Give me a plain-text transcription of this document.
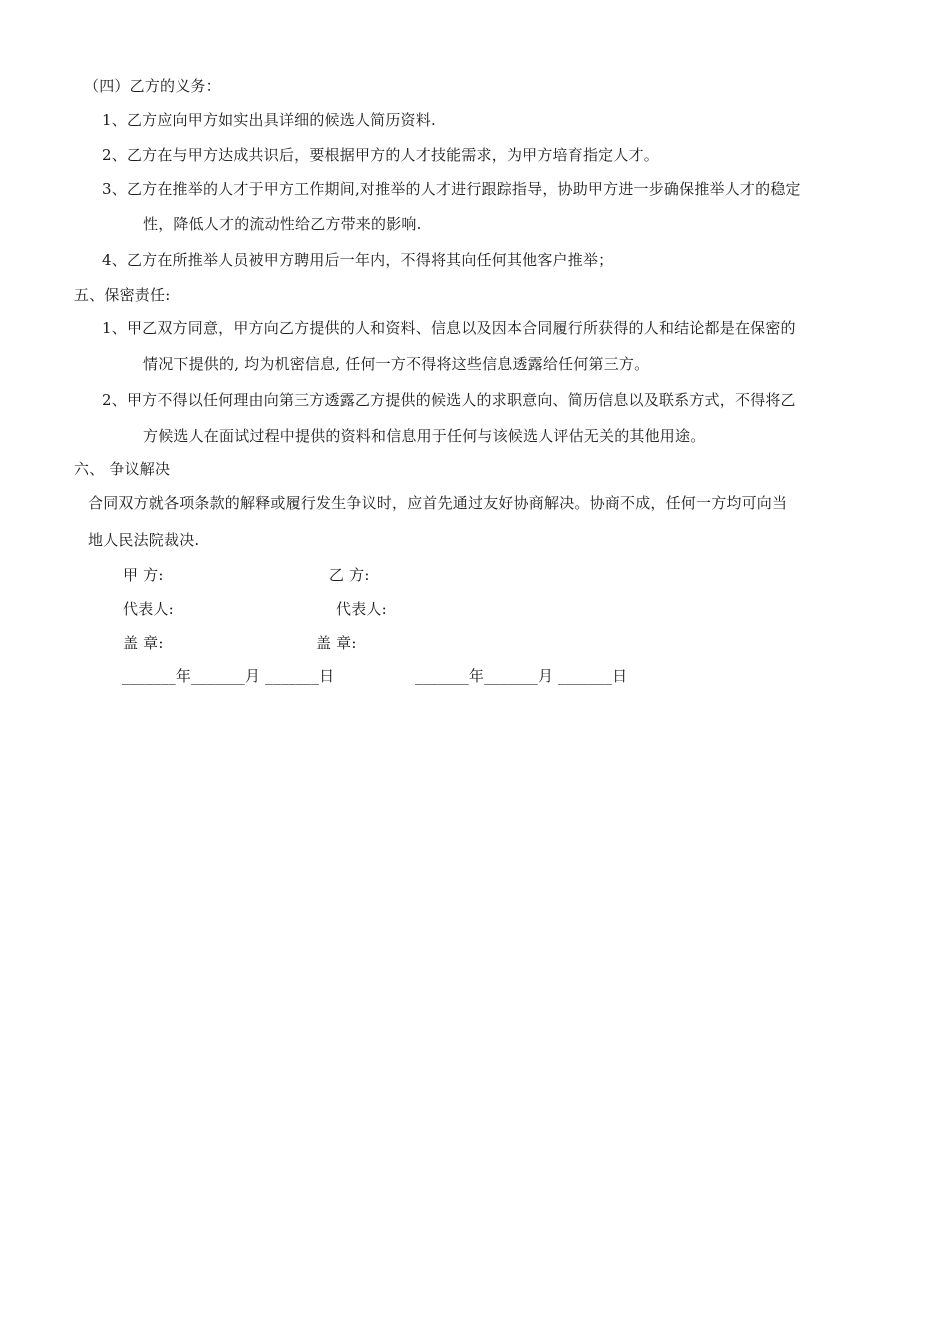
（四）乙方的义务：
1、乙方应向甲方如实出具详细的候选人简历资料.
2、乙方在与甲方达成共识后，要根据甲方的人才技能需求，为甲方培育指定人才。
3、乙方在推举的人才于甲方工作期间,对推举的人才进行跟踪指导，协助甲方进一步确保推举人才的稳定
性，降低人才的流动性给乙方带来的影响.
4、乙方在所推举人员被甲方聘用后一年内，不得将其向任何其他客户推举；
五、保密责任:
1、甲乙双方同意，甲方向乙方提供的人和资料、信息以及因本合同履行所获得的人和结论都是在保密的
情况下提供的, 均为机密信息, 任何一方不得将这些信息透露给任何第三方。
2、甲方不得以任何理由向第三方透露乙方提供的候选人的求职意向、简历信息以及联系方式，不得将乙
方候选人在面试过程中提供的资料和信息用于任何与该候选人评估无关的其他用途。
六、 争议解决
合同双方就各项条款的解释或履行发生争议时，应首先通过友好协商解决。协商不成，任何一方均可向当
地人民法院裁决.
甲 方:	乙 方:
代表人:	代表人:
盖 章:	盖 章:
_______年_______月 _______日	_______年_______月 _______日
